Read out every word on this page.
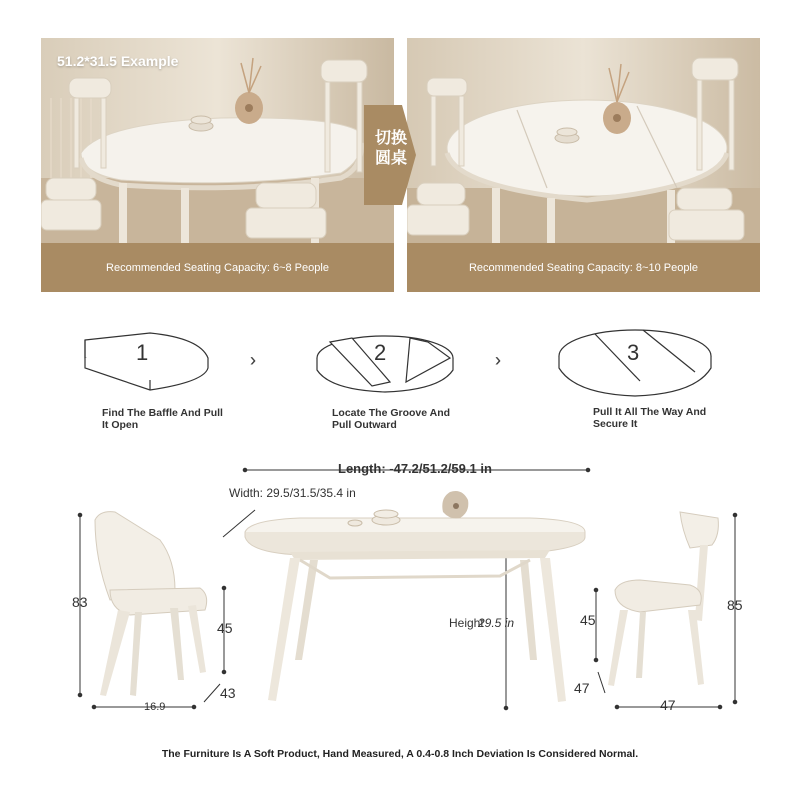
51.2*31.5 Example
Recommended Seating Capacity: 6~8 People	Recommended Seating Capacity: 8~10 People
切换
圆桌
1
Find The Baffle And Pull It Open
2
Locate The Groove And Pull Outward
3
Pull It All The Way And Secure It
Length: -47.2/51.2/59.1 in
Width: 29.5/31.5/35.4 in
Height
29.5 in
83
45
43
16.9
45
47
85
47
The Furniture Is A Soft Product, Hand Measured, A 0.4-0.8 Inch Deviation Is Considered Normal.
